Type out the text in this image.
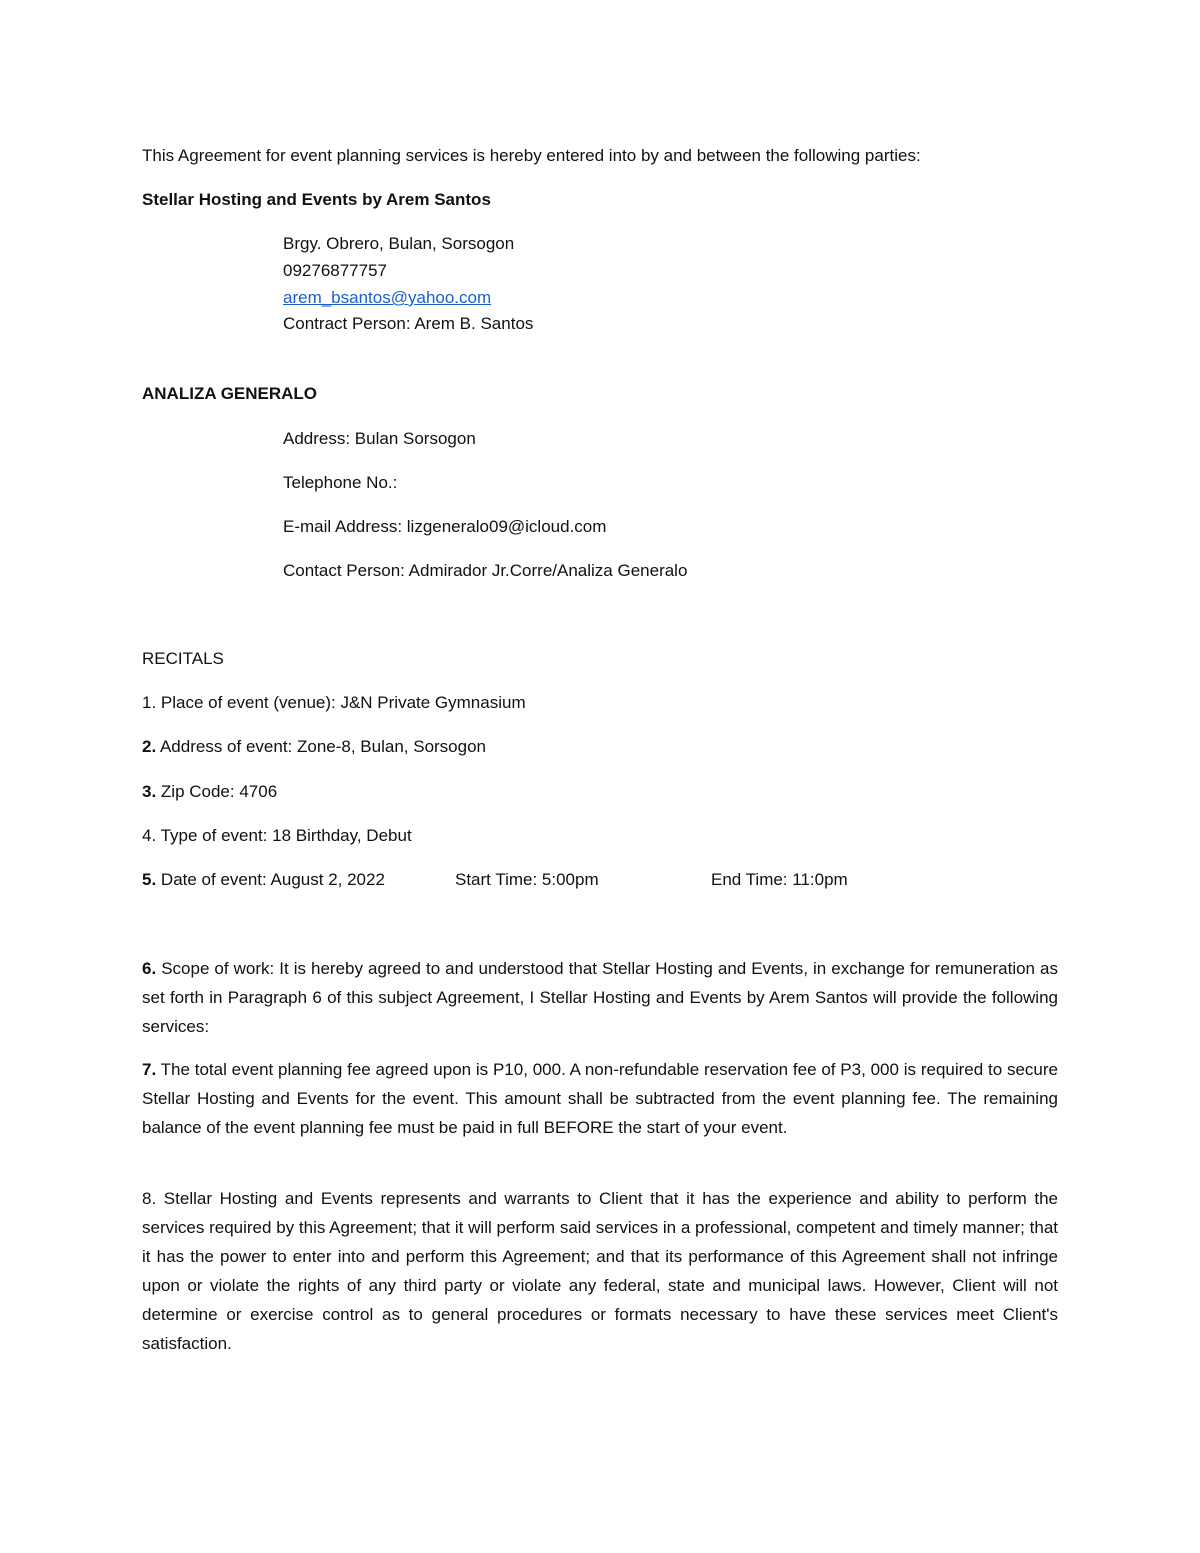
This Agreement for event planning services is hereby entered into by and between the following parties:
Stellar Hosting and Events by Arem Santos
Brgy. Obrero, Bulan, Sorsogon
09276877757
arem_bsantos@yahoo.com
Contract Person: Arem B. Santos
ANALIZA GENERALO
Address: Bulan Sorsogon
Telephone No.:
E-mail Address: lizgeneralo09@icloud.com
Contact Person: Admirador Jr.Corre/Analiza Generalo
RECITALS
1. Place of event (venue): J&N Private Gymnasium
2. Address of event: Zone-8, Bulan, Sorsogon
3. Zip Code: 4706
4. Type of event: 18 Birthday, Debut
5. Date of event: August 2, 2022	Start Time: 5:00pm	End Time: 11:0pm
6. Scope of work: It is hereby agreed to and understood that Stellar Hosting and Events, in exchange for remuneration as set forth in Paragraph 6 of this subject Agreement, I Stellar Hosting and Events by Arem Santos will provide the following services:
7. The total event planning fee agreed upon is P10, 000. A non-refundable reservation fee of P3, 000 is required to secure Stellar Hosting and Events for the event. This amount shall be subtracted from the event planning fee. The remaining balance of the event planning fee must be paid in full BEFORE the start of your event.
8. Stellar Hosting and Events represents and warrants to Client that it has the experience and ability to perform the services required by this Agreement; that it will perform said services in a professional, competent and timely manner; that it has the power to enter into and perform this Agreement; and that its performance of this Agreement shall not infringe upon or violate the rights of any third party or violate any federal, state and municipal laws. However, Client will not determine or exercise control as to general procedures or formats necessary to have these services meet Client's satisfaction.
